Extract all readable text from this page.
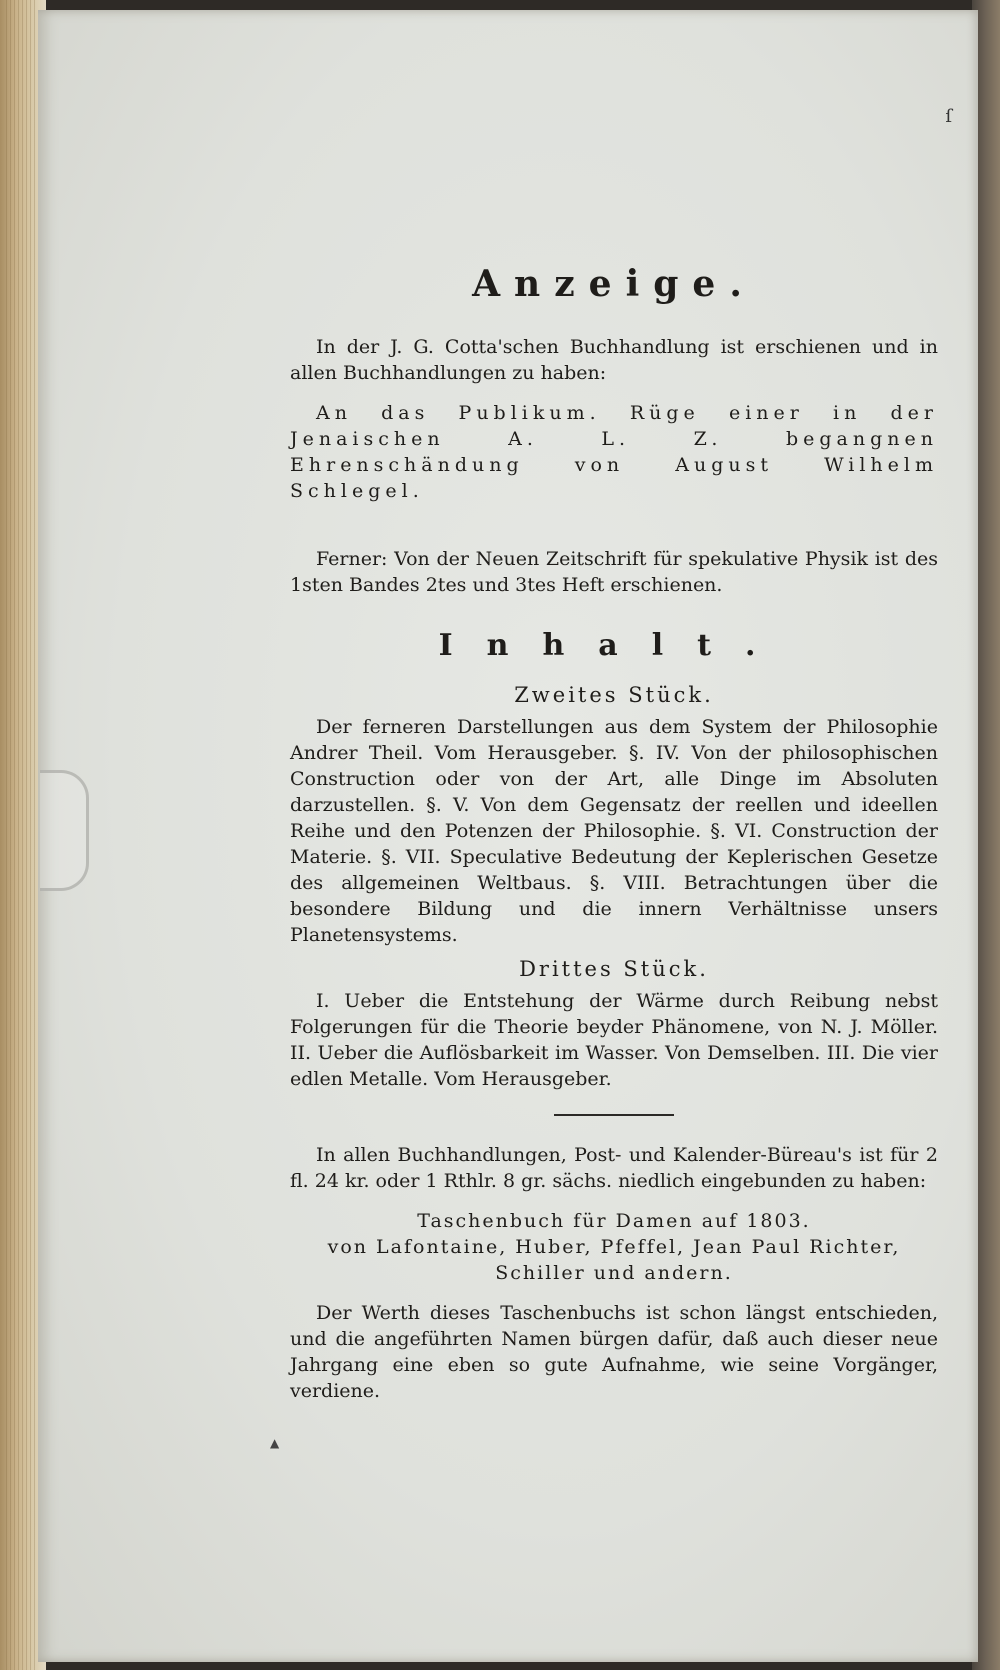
ſ
Anzeige.

In der J. G. Cotta'schen Buchhandlung ist erschienen und in allen Buchhandlungen zu haben:

An das Publikum. Rüge einer in der Jenaischen A. L. Z. begangnen Ehrenschändung von August Wilhelm Schlegel.

Ferner: Von der Neuen Zeitschrift für spekulative Physik ist des 1sten Bandes 2tes und 3tes Heft erschienen.

Inhalt.
Zweites Stück.

Der ferneren Darstellungen aus dem System der Philosophie Andrer Theil. Vom Herausgeber. §. IV. Von der philosophischen Construction oder von der Art, alle Dinge im Absoluten darzustellen. §. V. Von dem Gegensatz der reellen und ideellen Reihe und den Potenzen der Philosophie. §. VI. Construction der Materie. §. VII. Speculative Bedeutung der Keplerischen Gesetze des allgemeinen Weltbaus. §. VIII. Betrachtungen über die besondere Bildung und die innern Verhältnisse unsers Planetensystems.

Drittes Stück.

I. Ueber die Entstehung der Wärme durch Reibung nebst Folgerungen für die Theorie beyder Phänomene, von N. J. Möller. II. Ueber die Auflösbarkeit im Wasser. Von Demselben. III. Die vier edlen Metalle. Vom Herausgeber.

In allen Buchhandlungen, Post- und Kalender-Büreau's ist für 2 fl. 24 kr. oder 1 Rthlr. 8 gr. sächs. niedlich eingebunden zu haben:

Taschenbuch für Damen auf 1803.

von Lafontaine, Huber, Pfeffel, Jean Paul Richter, Schiller und andern.

Der Werth dieses Taschenbuchs ist schon längst entschieden, und die angeführten Namen bürgen dafür, daß auch dieser neue Jahrgang eine eben so gute Aufnahme, wie seine Vorgänger, verdiene.

▲
